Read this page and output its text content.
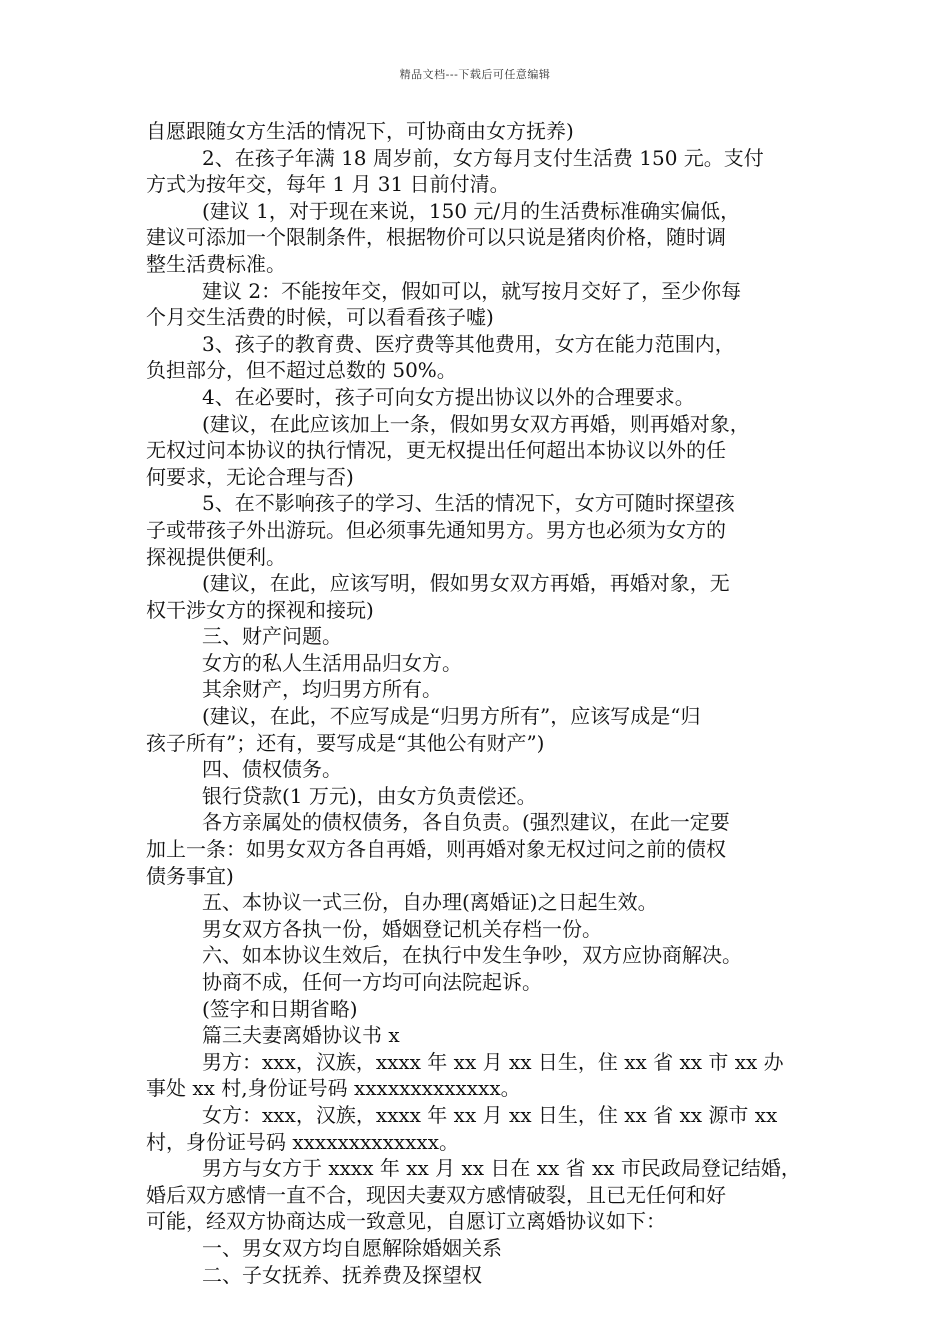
精品文档---下载后可任意编辑
自愿跟随女方生活的情况下，可协商由女方抚养)
2、在孩子年满 18 周岁前，女方每月支付生活费 150 元。支付
方式为按年交，每年 1 月 31 日前付清。
(建议 1，对于现在来说，150 元/月的生活费标准确实偏低，
建议可添加一个限制条件，根据物价可以只说是猪肉价格，随时调
整生活费标准。
建议 2：不能按年交，假如可以，就写按月交好了，至少你每
个月交生活费的时候，可以看看孩子嘘)
3、孩子的教育费、医疗费等其他费用，女方在能力范围内，
负担部分，但不超过总数的 50%。
4、在必要时，孩子可向女方提出协议以外的合理要求。
(建议，在此应该加上一条，假如男女双方再婚，则再婚对象，
无权过问本协议的执行情况，更无权提出任何超出本协议以外的任
何要求，无论合理与否)
5、在不影响孩子的学习、生活的情况下，女方可随时探望孩
子或带孩子外出游玩。但必须事先通知男方。男方也必须为女方的
探视提供便利。
(建议，在此，应该写明，假如男女双方再婚，再婚对象，无
权干涉女方的探视和接玩)
三、财产问题。
女方的私人生活用品归女方。
其余财产，均归男方所有。
(建议，在此，不应写成是“归男方所有”，应该写成是“归
孩子所有”；还有，要写成是“其他公有财产”)
四、债权债务。
银行贷款(1 万元)，由女方负责偿还。
各方亲属处的债权债务，各自负责。(强烈建议，在此一定要
加上一条：如男女双方各自再婚，则再婚对象无权过问之前的债权
债务事宜)
五、本协议一式三份，自办理(离婚证)之日起生效。
男女双方各执一份，婚姻登记机关存档一份。
六、如本协议生效后，在执行中发生争吵，双方应协商解决。
协商不成，任何一方均可向法院起诉。
(签字和日期省略)
篇三夫妻离婚协议书 x
男方：xxx，汉族，xxxx 年 xx 月 xx 日生，住 xx 省 xx 市 xx 办
事处 xx 村,身份证号码 xxxxxxxxxxxxx。
女方：xxx，汉族，xxxx 年 xx 月 xx 日生，住 xx 省 xx 源市 xx
村，身份证号码 xxxxxxxxxxxxx。
男方与女方于 xxxx 年 xx 月 xx 日在 xx 省 xx 市民政局登记结婚，
婚后双方感情一直不合，现因夫妻双方感情破裂，且已无任何和好
可能，经双方协商达成一致意见，自愿订立离婚协议如下：
一、男女双方均自愿解除婚姻关系
二、子女抚养、抚养费及探望权
